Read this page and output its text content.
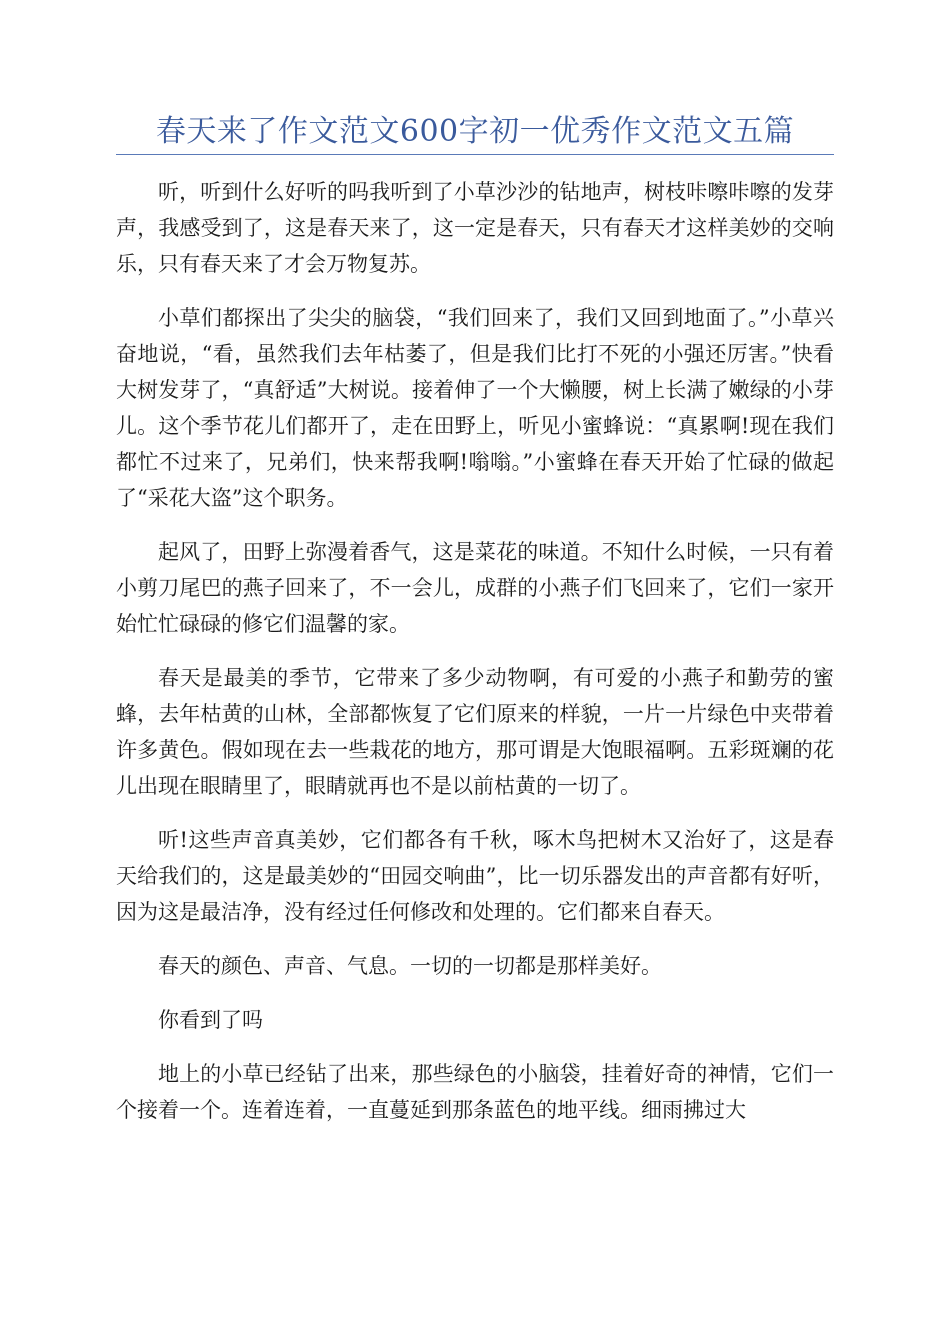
春天来了作文范文600字初一优秀作文范文五篇

听，听到什么好听的吗我听到了小草沙沙的钻地声，树枝咔嚓咔嚓的发芽声，我感受到了，这是春天来了，这一定是春天，只有春天才这样美妙的交响乐，只有春天来了才会万物复苏。

小草们都探出了尖尖的脑袋，“我们回来了，我们又回到地面了。”小草兴奋地说，“看，虽然我们去年枯萎了，但是我们比打不死的小强还厉害。”快看大树发芽了，“真舒适”大树说。接着伸了一个大懒腰，树上长满了嫩绿的小芽儿。这个季节花儿们都开了，走在田野上，听见小蜜蜂说：“真累啊!现在我们都忙不过来了，兄弟们，快来帮我啊!嗡嗡。”小蜜蜂在春天开始了忙碌的做起了“采花大盗”这个职务。

起风了，田野上弥漫着香气，这是菜花的味道。不知什么时候，一只有着小剪刀尾巴的燕子回来了，不一会儿，成群的小燕子们飞回来了，它们一家开始忙忙碌碌的修它们温馨的家。

春天是最美的季节，它带来了多少动物啊，有可爱的小燕子和勤劳的蜜蜂，去年枯黄的山林，全部都恢复了它们原来的样貌，一片一片绿色中夹带着许多黄色。假如现在去一些栽花的地方，那可谓是大饱眼福啊。五彩斑斓的花儿出现在眼睛里了，眼睛就再也不是以前枯黄的一切了。

听!这些声音真美妙，它们都各有千秋，啄木鸟把树木又治好了，这是春天给我们的，这是最美妙的“田园交响曲”，比一切乐器发出的声音都有好听，因为这是最洁净，没有经过任何修改和处理的。它们都来自春天。

春天的颜色、声音、气息。一切的一切都是那样美好。

你看到了吗

地上的小草已经钻了出来，那些绿色的小脑袋，挂着好奇的神情，它们一个接着一个。连着连着，一直蔓延到那条蓝色的地平线。细雨拂过大
